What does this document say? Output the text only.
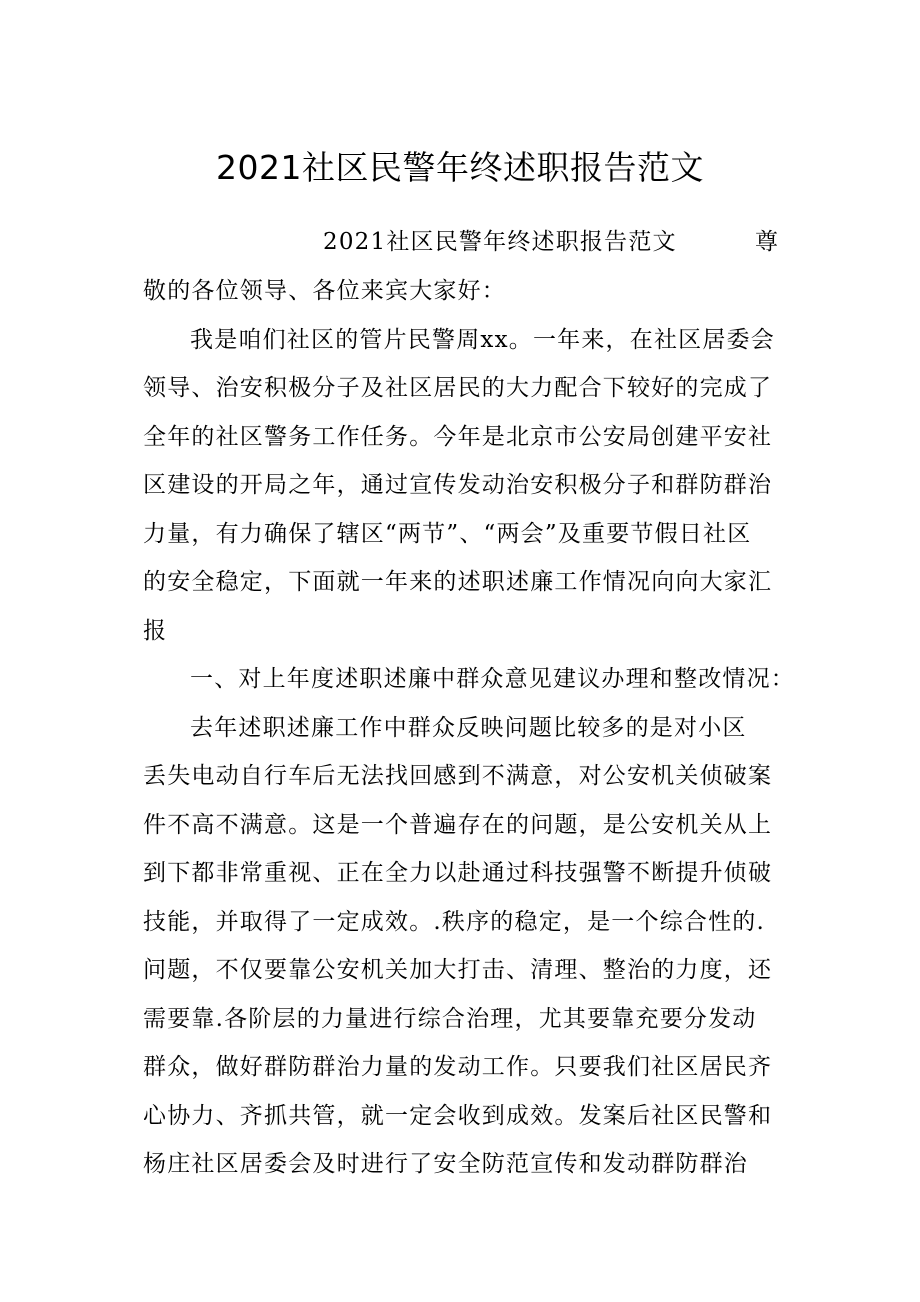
2021社区民警年终述职报告范文
2021社区民警年终述职报告范文	尊
敬的各位领导、各位来宾大家好：
我是咱们社区的管片民警周xx。一年来，在社区居委会
领导、治安积极分子及社区居民的大力配合下较好的完成了
全年的社区警务工作任务。今年是北京市公安局创建平安社
区建设的开局之年，通过宣传发动治安积极分子和群防群治
力量，有力确保了辖区“两节”、“两会”及重要节假日社区
的安全稳定，下面就一年来的述职述廉工作情况向向大家汇
报
一、对上年度述职述廉中群众意见建议办理和整改情况：
去年述职述廉工作中群众反映问题比较多的是对小区
丢失电动自行车后无法找回感到不满意，对公安机关侦破案
件不高不满意。这是一个普遍存在的问题，是公安机关从上
到下都非常重视、正在全力以赴通过科技强警不断提升侦破
技能，并取得了一定成效。.秩序的稳定，是一个综合性的.
问题，不仅要靠公安机关加大打击、清理、整治的力度，还
需要靠.各阶层的力量进行综合治理，尤其要靠充要分发动
群众，做好群防群治力量的发动工作。只要我们社区居民齐
心协力、齐抓共管，就一定会收到成效。发案后社区民警和
杨庄社区居委会及时进行了安全防范宣传和发动群防群治
